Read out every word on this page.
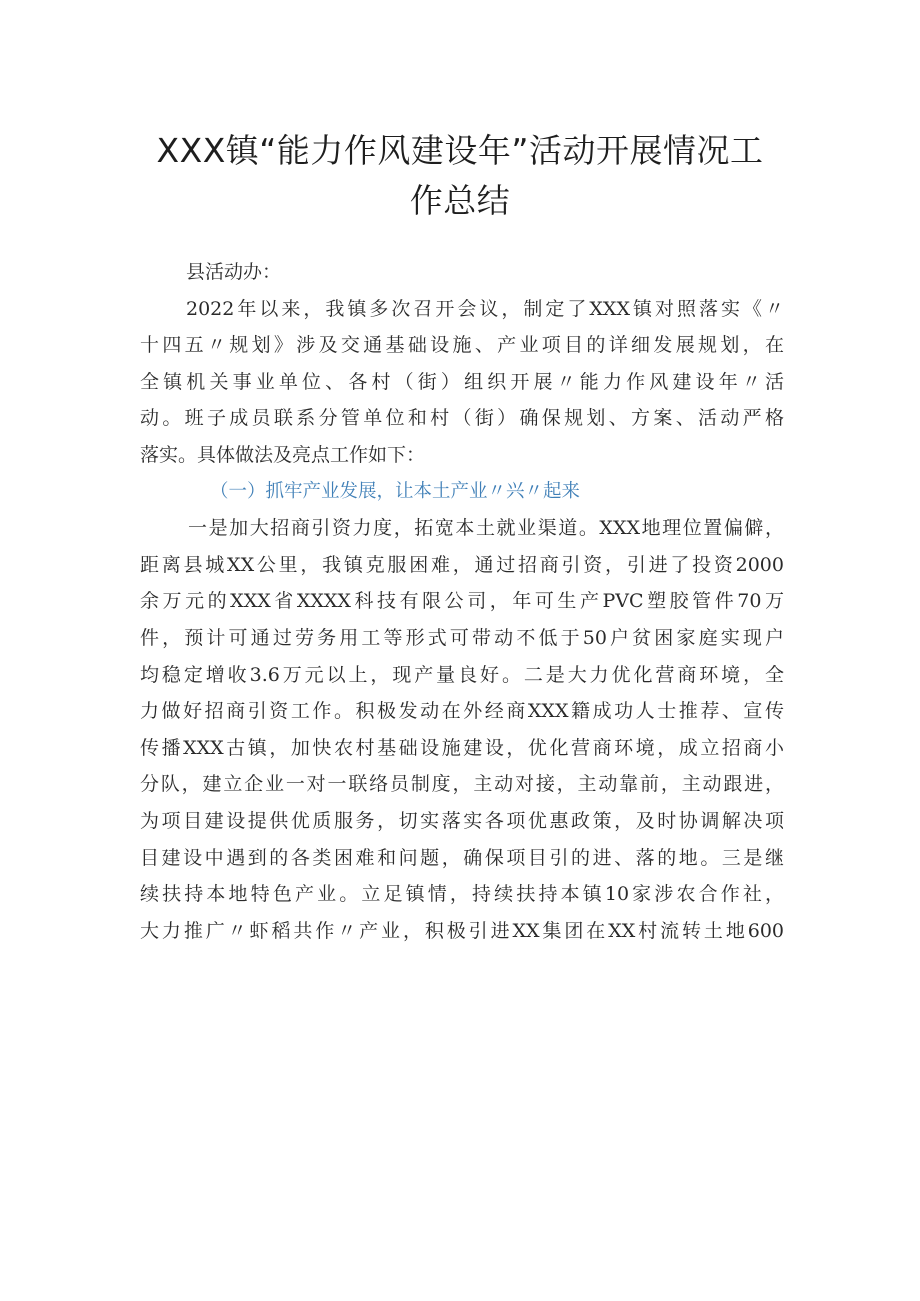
XXX镇“能力作风建设年”活动开展情况工
作总结
县活动办：
2022年以来，我镇多次召开会议，制定了XXX镇对照落实《〃
十四五〃规划》涉及交通基础设施、产业项目的详细发展规划，在
全镇机关事业单位、各村（街）组织开展〃能力作风建设年〃活
动。班子成员联系分管单位和村（街）确保规划、方案、活动严格
落实。具体做法及亮点工作如下：
（一）抓牢产业发展，让本土产业〃兴〃起来
一是加大招商引资力度，拓宽本土就业渠道。XXX地理位置偏僻，
距离县城XX公里，我镇克服困难，通过招商引资，引进了投资2000
余万元的XXX省XXXX科技有限公司，年可生产PVC塑胶管件70万
件，预计可通过劳务用工等形式可带动不低于50户贫困家庭实现户
均稳定增收3.6万元以上，现产量良好。二是大力优化营商环境，全
力做好招商引资工作。积极发动在外经商XXX籍成功人士推荐、宣传
传播XXX古镇，加快农村基础设施建设，优化营商环境，成立招商小
分队，建立企业一对一联络员制度，主动对接，主动靠前，主动跟进，
为项目建设提供优质服务，切实落实各项优惠政策，及时协调解决项
目建设中遇到的各类困难和问题，确保项目引的进、落的地。三是继
续扶持本地特色产业。立足镇情，持续扶持本镇10家涉农合作社，
大力推广〃虾稻共作〃产业，积极引进XX集团在XX村流转土地600
